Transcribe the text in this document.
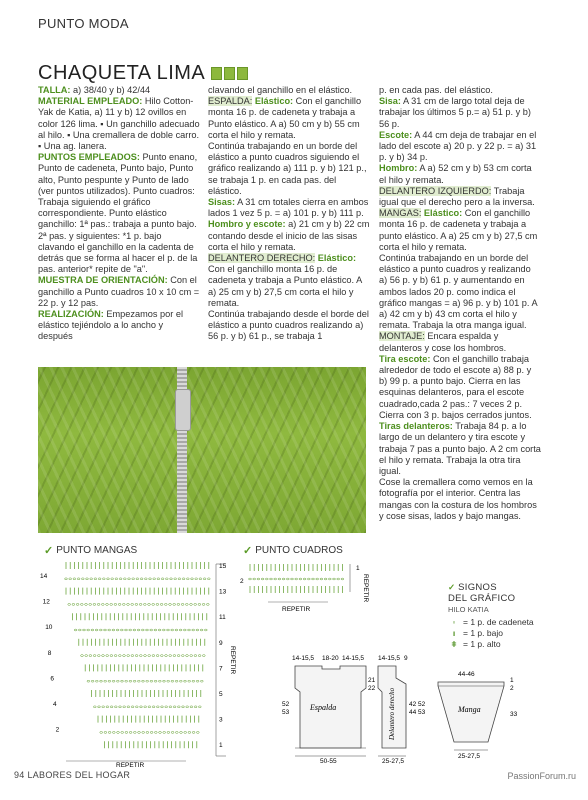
PUNTO MODA
CHAQUETA LIMA

TALLA: a) 38/40 y b) 42/44

MATERIAL EMPLEADO: Hilo Cotton-Yak de Katia, a) 11 y b) 12 ovillos en color 126 lima. ▪ Un ganchillo adecuado al hilo. ▪ Una cremallera de doble carro. ▪ Una ag. lanera.

PUNTOS EMPLEADOS: Punto enano, Punto de cadeneta, Punto bajo, Punto alto, Punto pespunte y Punto de lado (ver puntos utilizados). Punto cuadros: Trabaja siguiendo el gráfico correspondiente. Punto elástico ganchillo: 1ª pas.: trabaja a punto bajo. 2ª pas. y siguientes: *1 p. bajo clavando el ganchillo en la cadenta de detrás que se forma al hacer el p. de la pas. anterior* repite de "a".

MUESTRA DE ORIENTACIÓN: Con el ganchillo a Punto cuadros 10 x 10 cm = 22 p. y 12 pas.

REALIZACIÓN: Empezamos por el elástico tejiéndolo a lo ancho y después

clavando el ganchillo en el elástico.

ESPALDA: Elástico: Con el ganchillo monta 16 p. de cadeneta y trabaja a Punto elástico. A a) 50 cm y b) 55 cm corta el hilo y remata.

Continúa trabajando en un borde del elástico a punto cuadros siguiendo el gráfico realizando a) 111 p. y b) 121 p., se trabaja 1 p. en cada pas. del elástico.

Sisas: A 31 cm totales cierra en ambos lados 1 vez 5 p. = a) 101 p. y b) 111 p.

Hombro y escote: a) 21 cm y b) 22 cm contando desde el inicio de las sisas corta el hilo y remata.

DELANTERO DERECHO: Elástico: Con el ganchillo monta 16 p. de cadeneta y trabaja a Punto elástico. A a) 25 cm y b) 27,5 cm corta el hilo y remata.

Continúa trabajando desde el borde del elástico a punto cuadros realizando a) 56 p. y b) 61 p., se trabaja 1

p. en cada pas. del elástico.

Sisa: A 31 cm de largo total deja de trabajar los últimos 5 p.= a) 51 p. y b) 56 p.

Escote: A 44 cm deja de trabajar en el lado del escote a) 20 p. y 22 p. = a) 31 p. y b) 34 p.

Hombro: A a) 52 cm y b) 53 cm corta el hilo y remata.

DELANTERO IZQUIERDO: Trabaja igual que el derecho pero a la inversa.

MANGAS: Elástico: Con el ganchillo monta 16 p. de cadeneta y trabaja a punto elástico. A a) 25 cm y b) 27,5 cm corta el hilo y remata.

Continúa trabajando en un borde del elástico a punto cuadros y realizando a) 56 p. y b) 61 p. y aumentando en ambos lados 20 p. como indica el gráfico mangas = a) 96 p. y b) 101 p. A a) 42 cm y b) 43 cm corta el hilo y remata. Trabaja la otra manga igual.

MONTAJE: Encara espalda y delanteros y cose los hombros.

Tira escote: Con el ganchillo trabaja alrededor de todo el escote a) 88 p. y b) 99 p. a punto bajo. Cierra en las esquinas delanteros, para el escote cuadrado,cada 2 pas.: 7 veces 2 p. Cierra con 3 p. bajos cerrados juntos.

Tiras delanteros: Trabaja 84 p. a lo largo de un delantero y tira escote y trabaja 7 pas a punto bajo. A 2 cm corta el hilo y remata. Trabaja la otra tira igual.

Cose la cremallera como vemos en la fotografía por el interior. Centra las mangas con la costura de los hombros y cose sisas, lados y bajo mangas.

✓ PUNTO MANGAS	✓ PUNTO CUADROS
REPETIR
REPETIR
14
12
10
8
6
4
2
15
13
11
9
7
5
3
1
2
1
REPETIR
REPETIR
✓ SIGNOS
DEL GRÁFICO
HILO KATIA
◦ = 1 p. de cadeneta
ı = 1 p. bajo
ǂ = 1 p. alto
Espalda
14-15,5 18-20 14-15,5
52
53
21
22
50-55
Delantero derecho
14-15,5 9
42
44
52
53
25-27,5
Manga
44-46
1
2
33
25-27,5
94 LABORES DEL HOGAR	PassionForum.ru
